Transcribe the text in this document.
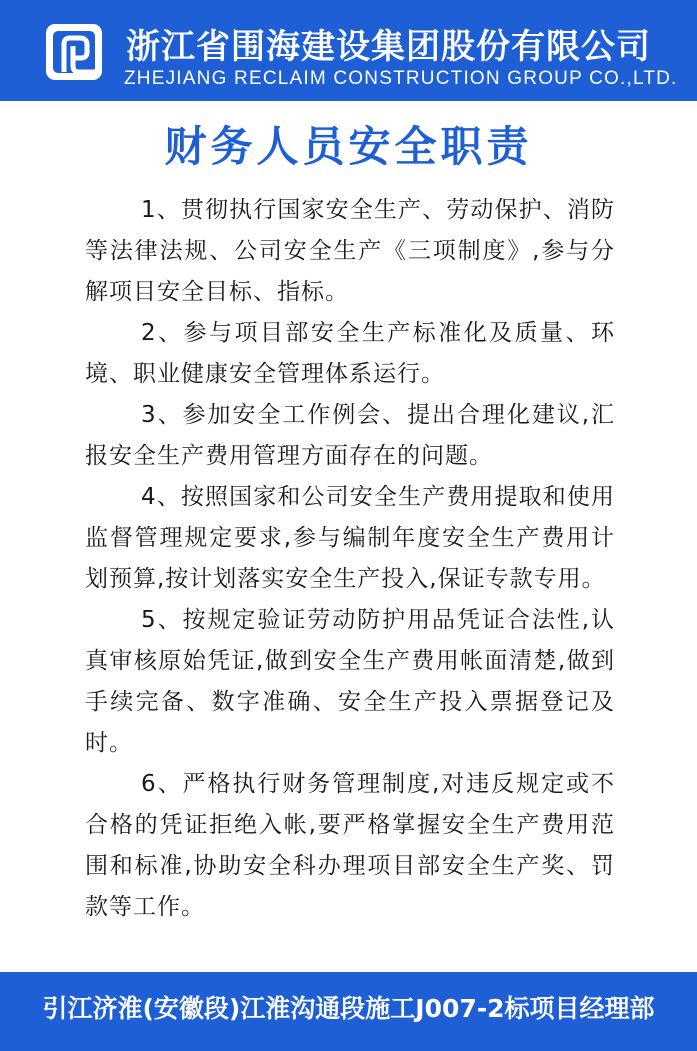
浙江省围海建设集团股份有限公司
ZHEJIANG RECLAIM CONSTRUCTION GROUP CO.,LTD.
财务人员安全职责

1、贯彻执行国家安全生产、劳动保护、消防等法律法规、公司安全生产《三项制度》,参与分解项目安全目标、指标。

2、参与项目部安全生产标准化及质量、环境、职业健康安全管理体系运行。

3、参加安全工作例会、提出合理化建议,汇报安全生产费用管理方面存在的问题。

4、按照国家和公司安全生产费用提取和使用监督管理规定要求,参与编制年度安全生产费用计划预算,按计划落实安全生产投入,保证专款专用。

5、按规定验证劳动防护用品凭证合法性,认真审核原始凭证,做到安全生产费用帐面清楚,做到手续完备、数字准确、安全生产投入票据登记及时。

6、严格执行财务管理制度,对违反规定或不合格的凭证拒绝入帐,要严格掌握安全生产费用范围和标准,协助安全科办理项目部安全生产奖、罚款等工作。

引江济淮(安徽段)江淮沟通段施工J007-2标项目经理部
